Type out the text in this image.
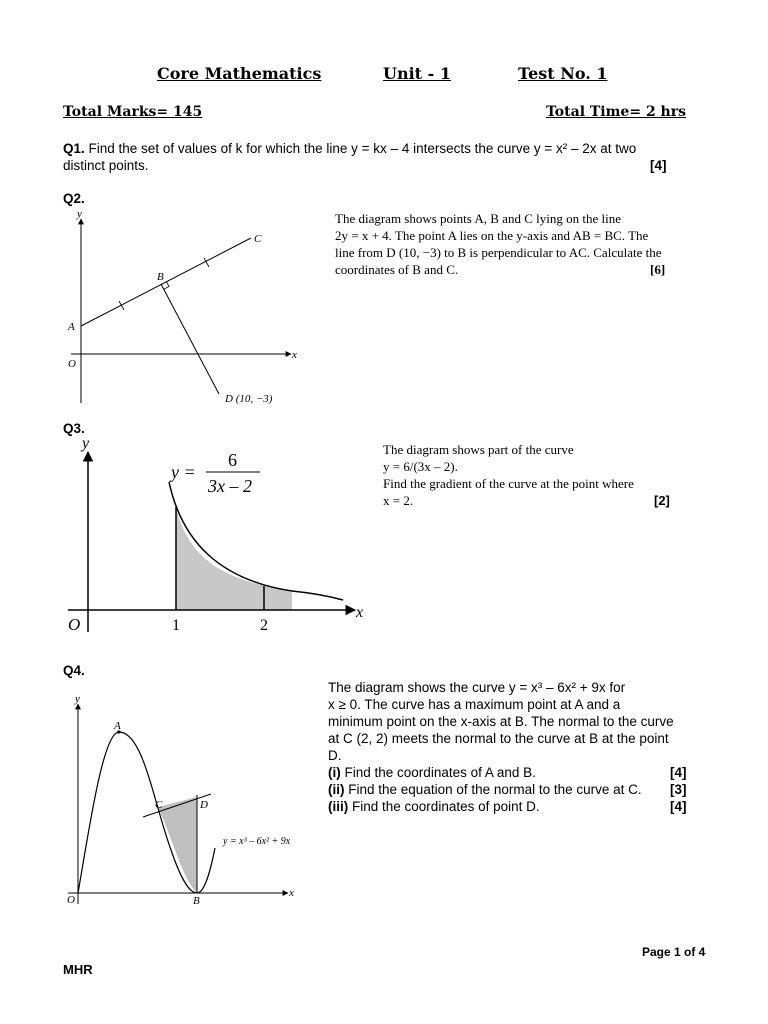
Core Mathematics	Unit - 1	Test No. 1
Total Marks= 145	Total Time= 2 hrs
Q1. Find the set of values of k for which the line y = kx – 4 intersects the curve y = x² – 2x at two
distinct points.	[4]
Q2.
y
x
O
A
B
C
D (10, −3)
The diagram shows points A, B and C lying on the line
2y = x + 4. The point A lies on the y-axis and AB = BC. The
line from D (10, −3) to B is perpendicular to AC. Calculate the
coordinates of B and C.	[6]
Q3.
y
x
O	1	2
y =
6
3x – 2
The diagram shows part of the curve
y = 6/(3x – 2).
Find the gradient of the curve at the point where
x = 2.	[2]
Q4.
y
x
O
A
B
C	D
y = x³ – 6x² + 9x
The diagram shows the curve y = x³ – 6x² + 9x for
x ≥ 0. The curve has a maximum point at A and a
minimum point on the x-axis at B. The normal to the curve
at C (2, 2) meets the normal to the curve at B at the point
D.
(i) Find the coordinates of A and B.	[4]
(ii) Find the equation of the normal to the curve at C. [3]
(iii) Find the coordinates of point D.	[4]
Page 1 of 4
MHR
